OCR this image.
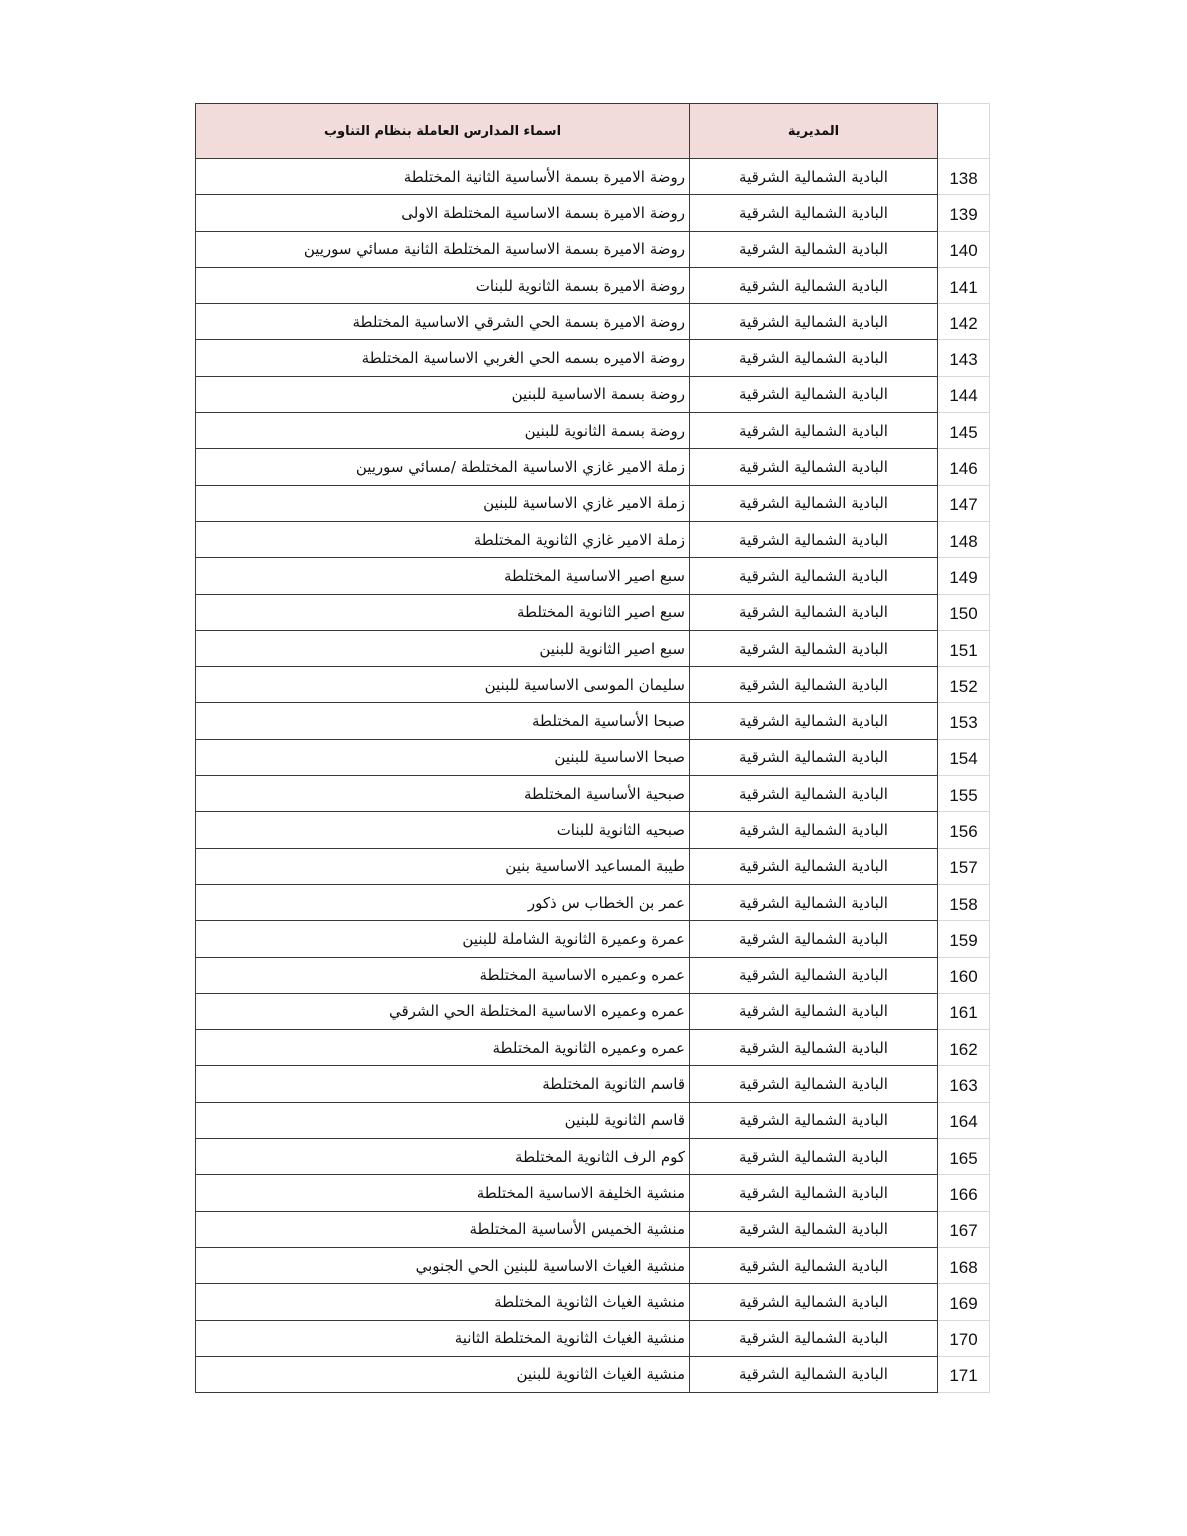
اسماء المدارس العاملة بنظام التناوب	المديرية	
روضة الاميرة بسمة الأساسية الثانية المختلطة	البادية الشمالية الشرقية	138
روضة الاميرة بسمة الاساسية المختلطة الاولى	البادية الشمالية الشرقية	139
روضة الاميرة بسمة الاساسية المختلطة الثانية مسائي سوريين	البادية الشمالية الشرقية	140
روضة الاميرة بسمة الثانوية للبنات	البادية الشمالية الشرقية	141
روضة الاميرة بسمة الحي الشرقي الاساسية المختلطة	البادية الشمالية الشرقية	142
روضة الاميره بسمه الحي الغربي الاساسية المختلطة	البادية الشمالية الشرقية	143
روضة بسمة الاساسية للبنين	البادية الشمالية الشرقية	144
روضة بسمة الثانوية للبنين	البادية الشمالية الشرقية	145
زملة الامير غازي الاساسية المختلطة /مسائي سوريين	البادية الشمالية الشرقية	146
زملة الامير غازي الاساسية للبنين	البادية الشمالية الشرقية	147
زملة الامير غازي الثانوية المختلطة	البادية الشمالية الشرقية	148
سبع اصير الاساسية المختلطة	البادية الشمالية الشرقية	149
سبع اصير الثانوية المختلطة	البادية الشمالية الشرقية	150
سبع اصير الثانوية للبنين	البادية الشمالية الشرقية	151
سليمان الموسى الاساسية للبنين	البادية الشمالية الشرقية	152
صبحا الأساسية المختلطة	البادية الشمالية الشرقية	153
صبحا الاساسية للبنين	البادية الشمالية الشرقية	154
صبحية الأساسية المختلطة	البادية الشمالية الشرقية	155
صبحيه الثانوية للبنات	البادية الشمالية الشرقية	156
طيبة المساعيد الاساسية بنين	البادية الشمالية الشرقية	157
عمر بن الخطاب س ذكور	البادية الشمالية الشرقية	158
عمرة وعميرة الثانوية الشاملة للبنين	البادية الشمالية الشرقية	159
عمره وعميره الاساسية المختلطة	البادية الشمالية الشرقية	160
عمره وعميره الاساسية المختلطة الحي الشرقي	البادية الشمالية الشرقية	161
عمره وعميره الثانوية المختلطة	البادية الشمالية الشرقية	162
قاسم الثانوية المختلطة	البادية الشمالية الشرقية	163
قاسم الثانوية للبنين	البادية الشمالية الشرقية	164
كوم الرف الثانوية المختلطة	البادية الشمالية الشرقية	165
منشية الخليفة الاساسية المختلطة	البادية الشمالية الشرقية	166
منشية الخميس الأساسية المختلطة	البادية الشمالية الشرقية	167
منشية الغياث الاساسية للبنين الحي الجنوبي	البادية الشمالية الشرقية	168
منشية الغياث الثانوية المختلطة	البادية الشمالية الشرقية	169
منشية الغياث الثانوية المختلطة الثانية	البادية الشمالية الشرقية	170
منشية الغياث الثانوية للبنين	البادية الشمالية الشرقية	171
